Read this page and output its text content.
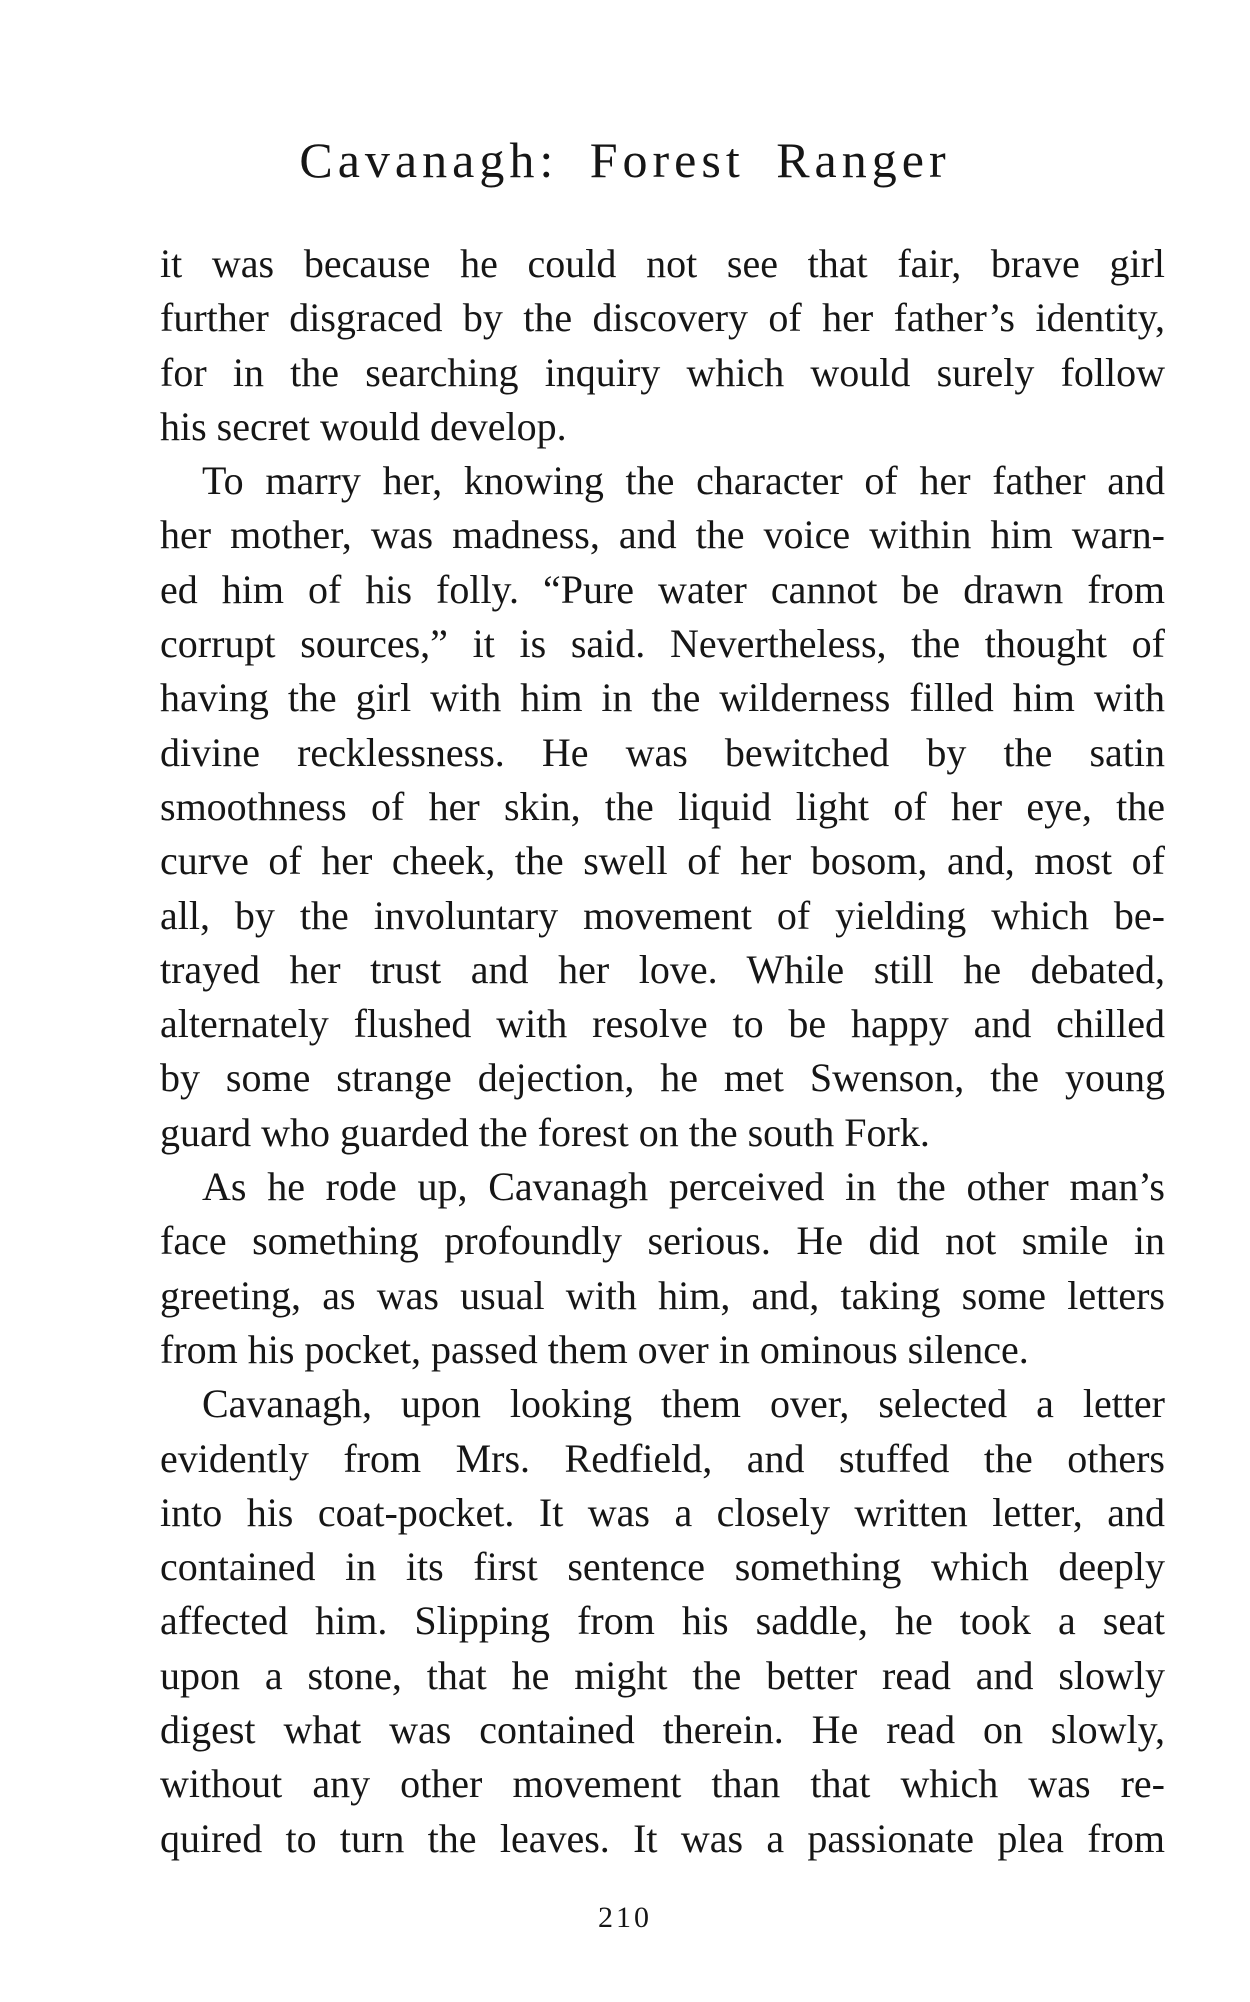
Cavanagh: Forest Ranger
it was because he could not see that fair, brave girl
further disgraced by the discovery of her father’s identity,
for in the searching inquiry which would surely follow
his secret would develop.
To marry her, knowing the character of her father and
her mother, was madness, and the voice within him warn-
ed him of his folly. “Pure water cannot be drawn from
corrupt sources,” it is said. Nevertheless, the thought of
having the girl with him in the wilderness filled him with
divine recklessness. He was bewitched by the satin
smoothness of her skin, the liquid light of her eye, the
curve of her cheek, the swell of her bosom, and, most of
all, by the involuntary movement of yielding which be-
trayed her trust and her love. While still he debated,
alternately flushed with resolve to be happy and chilled
by some strange dejection, he met Swenson, the young
guard who guarded the forest on the south Fork.
As he rode up, Cavanagh perceived in the other man’s
face something profoundly serious. He did not smile in
greeting, as was usual with him, and, taking some letters
from his pocket, passed them over in ominous silence.
Cavanagh, upon looking them over, selected a letter
evidently from Mrs. Redfield, and stuffed the others
into his coat-pocket. It was a closely written letter, and
contained in its first sentence something which deeply
affected him. Slipping from his saddle, he took a seat
upon a stone, that he might the better read and slowly
digest what was contained therein. He read on slowly,
without any other movement than that which was re-
quired to turn the leaves. It was a passionate plea from
210
